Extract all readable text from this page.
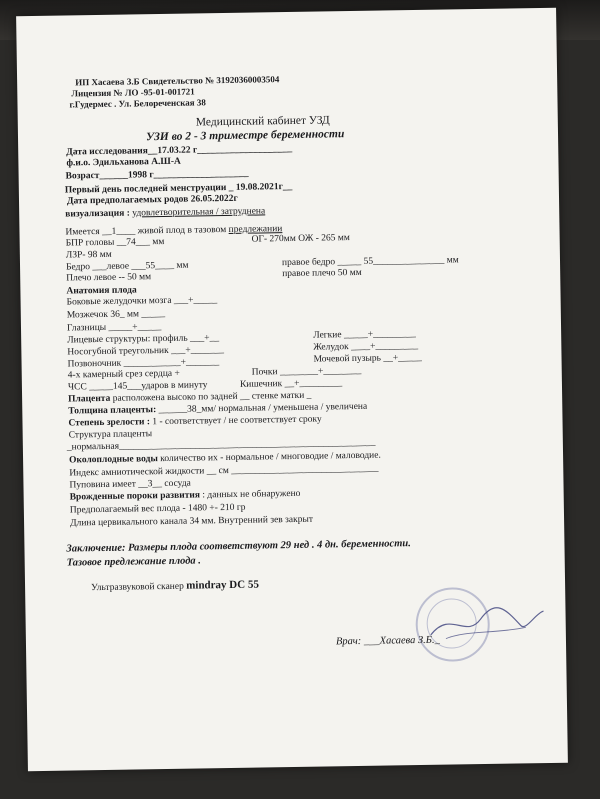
ИП Хасаева З.Б Свидетельство № 31920360003504
Лицензия № ЛО -95-01-001721
г.Гудермес . Ул. Белореченская 38
Медицинский кабинет УЗД
УЗИ во 2 - 3 триместре беременности
Дата исследования__17.03.22 г____________________
ф.и.о. Эдильханова А.Ш-А
Возраст______1998 г____________________
Первый день последней менструации _ 19.08.2021г__
Дата предполагаемых родов 26.05.2022г
визуализация : удовлетворительная / затруднена
Имеется __1____ живой плод в тазовом предлежании
БПР головы __74___ мм	ОГ- 270мм ОЖ - 265 мм
ЛЗР- 98 мм
Бедро ___левое ___55____ мм	правое бедро _____ 55_______________ мм
Плечо левое -- 50 мм	правое плечо 50 мм
Анатомия плода
Боковые желудочки мозга ___+_____
Мозжечок 36_ мм _____
Глазницы _____+_____
Лицевые структуры: профиль ___+__	Легкие _____+_________
Носогубной треугольник ___+_______	Желудок ____+_________
Позвоночник ____________+_______	Мочевой пузырь __+_____
4-х камерный срез сердца +	Почки ________+________
ЧСС _____145___ударов в минуту	Кишечник __+_________
Плацента расположена высоко по задней __ стенке матки _
Толщина плаценты: ______38_мм/ нормальная / уменьшена / увеличена
Степень зрелости : 1 - соответствует / не соответствует сроку
Структура плаценты
_нормальная______________________________________________________
Околоплодные воды количество их - нормальное / многоводие / маловодие.
Индекс амниотической жидкости __ см _______________________________
Пуповина имеет __3__ сосуда
Врожденные пороки развития : данных не обнаружено
Предполагаемый вес плода - 1480 +- 210 гр
Длина цервикального канала 34 мм. Внутренний зев закрыт
Заключение: Размеры плода соответствуют 29 нед . 4 дн. беременности.
Тазовое предлежание плода .
Ультразвуковой сканер mindray DC 55
Врач: ___Хасаева З.Б._
